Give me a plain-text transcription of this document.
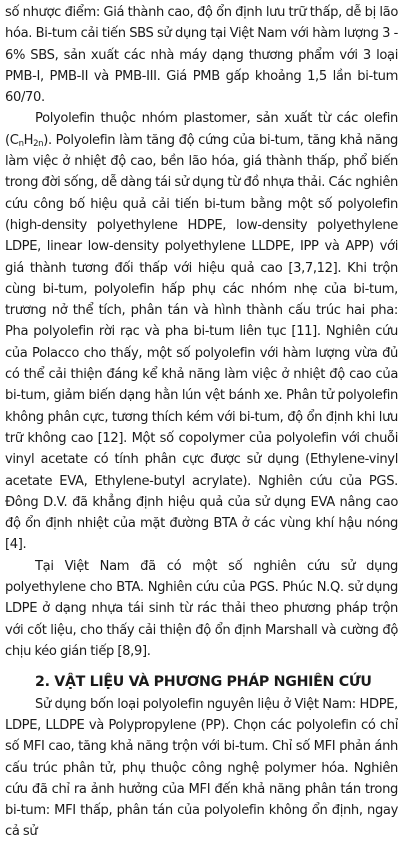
số nhược điểm: Giá thành cao, độ ổn định lưu trữ thấp, dễ bị lão hóa. Bi-tum cải tiến SBS sử dụng tại Việt Nam với hàm lượng 3 - 6% SBS, sản xuất các nhà máy dạng thương phẩm với 3 loại PMB-I, PMB-II và PMB-III. Giá PMB gấp khoảng 1,5 lần bi-tum 60/70.

Polyolefin thuộc nhóm plastomer, sản xuất từ các olefin $(C_nH_{2n})$. Polyolefin làm tăng độ cứng của bi-tum, tăng khả năng làm việc ở nhiệt độ cao, bền lão hóa, giá thành thấp, phổ biến trong đời sống, dễ dàng tái sử dụng từ đồ nhựa thải. Các nghiên cứu công bố hiệu quả cải tiến bi-tum bằng một số polyolefin (high-density polyethylene HDPE, low-density polyethylene LDPE, linear low-density polyethylene LLDPE, IPP và APP) với giá thành tương đối thấp với hiệu quả cao [3,7,12]. Khi trộn cùng bi-tum, polyolefin hấp phụ các nhóm nhẹ của bi-tum, trương nở thể tích, phân tán và hình thành cấu trúc hai pha: Pha polyolefin rời rạc và pha bi-tum liên tục [11]. Nghiên cứu của Polacco cho thấy, một số polyolefin với hàm lượng vừa đủ có thể cải thiện đáng kể khả năng làm việc ở nhiệt độ cao của bi-tum, giảm biến dạng hằn lún vệt bánh xe. Phân tử polyolefin không phân cực, tương thích kém với bi-tum, độ ổn định khi lưu trữ không cao [12]. Một số copolymer của polyolefin với chuỗi vinyl acetate có tính phân cực được sử dụng (Ethylene-vinyl acetate EVA, Ethylene-butyl acrylate). Nghiên cứu của PGS. Đông D.V. đã khẳng định hiệu quả của sử dụng EVA nâng cao độ ổn định nhiệt của mặt đường BTA ở các vùng khí hậu nóng [4].

Tại Việt Nam đã có một số nghiên cứu sử dụng polyethylene cho BTA. Nghiên cứu của PGS. Phúc N.Q. sử dụng LDPE ở dạng nhựa tái sinh từ rác thải theo phương pháp trộn với cốt liệu, cho thấy cải thiện độ ổn định Marshall và cường độ chịu kéo gián tiếp [8,9].

2. VẬT LIỆU VÀ PHƯƠNG PHÁP NGHIÊN CỨU

Sử dụng bốn loại polyolefin nguyên liệu ở Việt Nam: HDPE, LDPE, LLDPE và Polypropylene (PP). Chọn các polyolefin có chỉ số MFI cao, tăng khả năng trộn với bi-tum. Chỉ số MFI phản ánh cấu trúc phân tử, phụ thuộc công nghệ polymer hóa. Nghiên cứu đã chỉ ra ảnh hưởng của MFI đến khả năng phân tán trong bi-tum: MFI thấp, phân tán của polyolefin không ổn định, ngay cả sử
